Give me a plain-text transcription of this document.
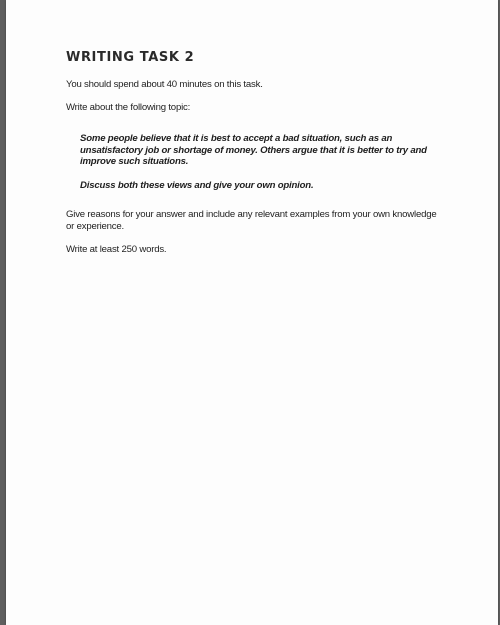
WRITING TASK 2

You should spend about 40 minutes on this task.

Write about the following topic:

Some people believe that it is best to accept a bad situation, such as an unsatisfactory job or shortage of money. Others argue that it is better to try and improve such situations.

Discuss both these views and give your own opinion.

Give reasons for your answer and include any relevant examples from your own knowledge or experience.

Write at least 250 words.
